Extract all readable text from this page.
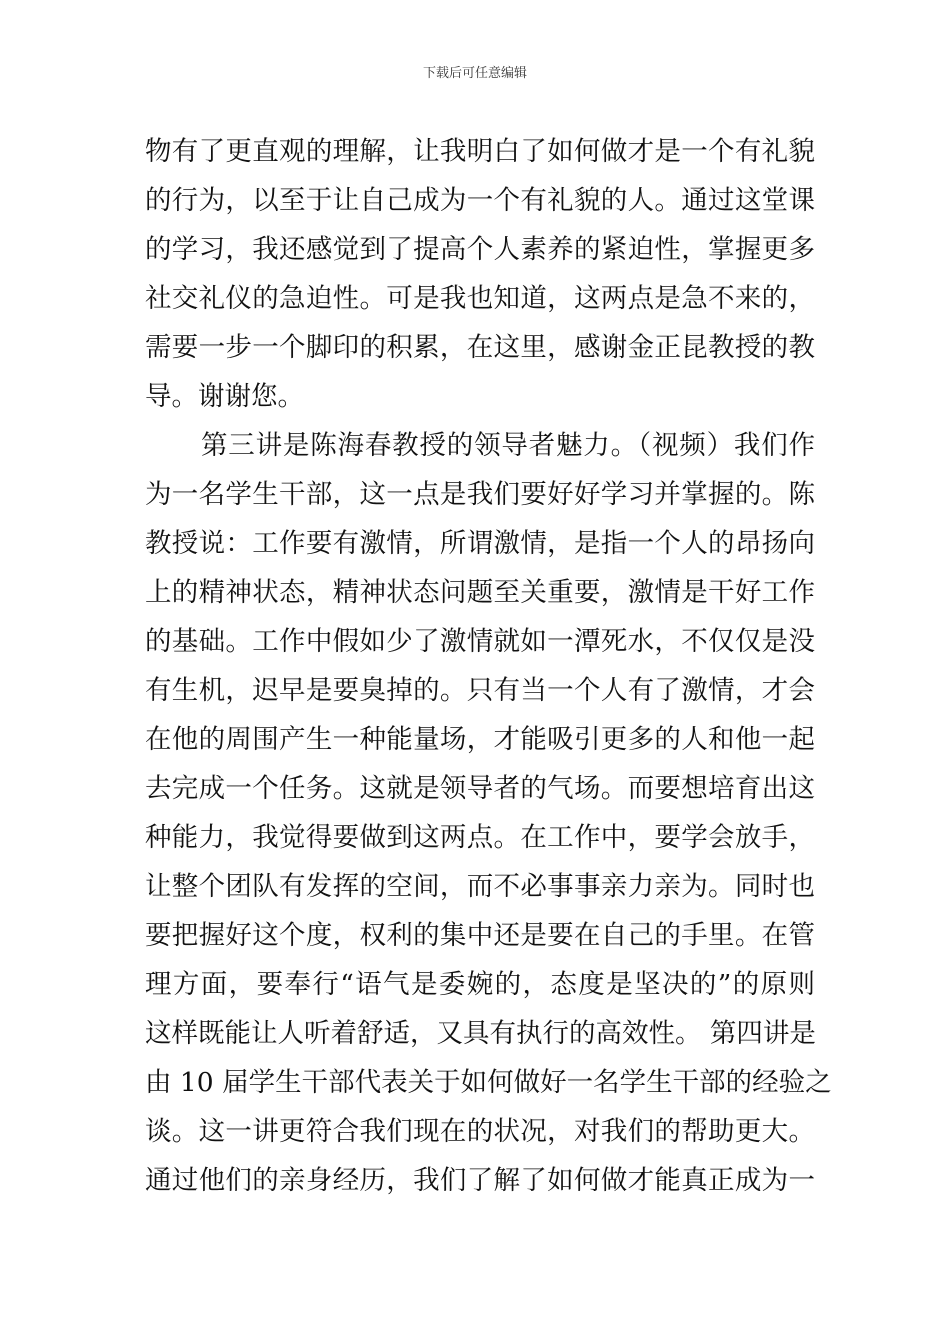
下载后可任意编辑
物有了更直观的理解，让我明白了如何做才是一个有礼貌
的行为，以至于让自己成为一个有礼貌的人。通过这堂课
的学习，我还感觉到了提高个人素养的紧迫性，掌握更多
社交礼仪的急迫性。可是我也知道，这两点是急不来的，
需要一步一个脚印的积累，在这里，感谢金正昆教授的教
导。谢谢您。
第三讲是陈海春教授的领导者魅力。（视频）我们作
为一名学生干部，这一点是我们要好好学习并掌握的。陈
教授说：工作要有激情，所谓激情，是指一个人的昂扬向
上的精神状态，精神状态问题至关重要，激情是干好工作
的基础。工作中假如少了激情就如一潭死水，不仅仅是没
有生机，迟早是要臭掉的。只有当一个人有了激情，才会
在他的周围产生一种能量场，才能吸引更多的人和他一起
去完成一个任务。这就是领导者的气场。而要想培育出这
种能力，我觉得要做到这两点。在工作中，要学会放手，
让整个团队有发挥的空间，而不必事事亲力亲为。同时也
要把握好这个度，权利的集中还是要在自己的手里。在管
理方面，要奉行“语气是委婉的，态度是坚决的”的原则
这样既能让人听着舒适，又具有执行的高效性。 第四讲是
由 10 届学生干部代表关于如何做好一名学生干部的经验之
谈。这一讲更符合我们现在的状况，对我们的帮助更大。
通过他们的亲身经历，我们了解了如何做才能真正成为一
